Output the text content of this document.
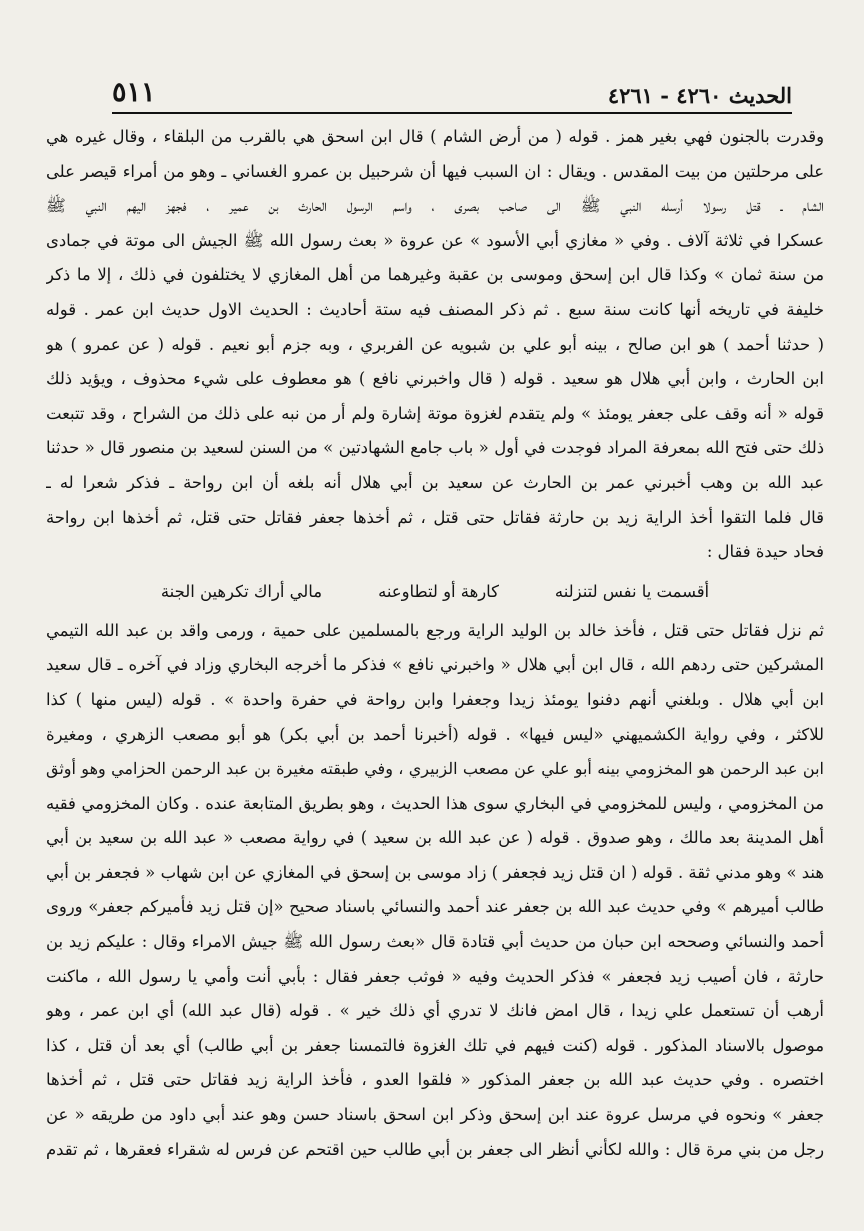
الحديث ٤٢٦٠ - ٤٢٦١
٥١١
وقدرت بالجنون فهي بغير همز . قوله ( من أرض الشام ) قال ابن اسحق هي بالقرب من البلقاء ، وقال غيره هي
على مرحلتين من بيت المقدس . ويقال : ان السبب فيها أن شرحبيل بن عمرو الغساني ـ وهو من أمراء قيصر على
الشام ـ قتل رسولا أرسله النبي ﷺ الى صاحب بصرى ، واسم الرسول الحارث بن عمير ، فجهز اليهم النبي ﷺ
عسكرا في ثلاثة آلاف . وفي « مغازي أبي الأسود » عن عروة « بعث رسول الله ﷺ الجيش الى موتة في جمادى
من سنة ثمان » وكذا قال ابن إسحق وموسى بن عقبة وغيرهما من أهل المغازي لا يختلفون في ذلك ، إلا ما ذكر
خليفة في تاريخه أنها كانت سنة سبع . ثم ذكر المصنف فيه ستة أحاديث : الحديث الاول حديث ابن عمر . قوله
( حدثنا أحمد ) هو ابن صالح ، بينه أبو علي بن شبويه عن الفربري ، وبه جزم أبو نعيم . قوله ( عن عمرو ) هو
ابن الحارث ، وابن أبي هلال هو سعيد . قوله ( قال واخبرني نافع ) هو معطوف على شيء محذوف ، ويؤيد ذلك
قوله « أنه وقف على جعفر يومئذ » ولم يتقدم لغزوة موتة إشارة ولم أر من نبه على ذلك من الشراح ، وقد تتبعت
ذلك حتى فتح الله بمعرفة المراد فوجدت في أول « باب جامع الشهادتين » من السنن لسعيد بن منصور قال « حدثنا
عبد الله بن وهب أخبرني عمر بن الحارث عن سعيد بن أبي هلال أنه بلغه أن ابن رواحة ـ فذكر شعرا له ـ
قال فلما التقوا أخذ الراية زيد بن حارثة فقاتل حتى قتل ، ثم أخذها جعفر فقاتل حتى قتل، ثم أخذها ابن رواحة
فحاد حيدة فقال :
أقسمت يا نفس لتنزلنه
كارهة أو لتطاوعنه
مالي أراك تكرهين الجنة
ثم نزل فقاتل حتى قتل ، فأخذ خالد بن الوليد الراية ورجع بالمسلمين على حمية ، ورمى واقد بن عبد الله التيمي
المشركين حتى ردهم الله ، قال ابن أبي هلال « واخبرني نافع » فذكر ما أخرجه البخاري وزاد في آخره ـ قال سعيد
ابن أبي هلال . وبلغني أنهم دفنوا يومئذ زيدا وجعفرا وابن رواحة في حفرة واحدة » . قوله (ليس منها ) كذا
للاكثر ، وفي رواية الكشميهني «ليس فيها» . قوله (أخبرنا أحمد بن أبي بكر) هو أبو مصعب الزهري ، ومغيرة
ابن عبد الرحمن هو المخزومي بينه أبو علي عن مصعب الزبيري ، وفي طبقته مغيرة بن عبد الرحمن الحزامي وهو أوثق
من المخزومي ، وليس للمخزومي في البخاري سوى هذا الحديث ، وهو بطريق المتابعة عنده . وكان المخزومي فقيه
أهل المدينة بعد مالك ، وهو صدوق . قوله ( عن عبد الله بن سعيد ) في رواية مصعب « عبد الله بن سعيد بن أبي
هند » وهو مدني ثقة . قوله ( ان قتل زيد فجعفر ) زاد موسى بن إسحق في المغازي عن ابن شهاب « فجعفر بن أبي
طالب أميرهم » وفي حديث عبد الله بن جعفر عند أحمد والنسائي باسناد صحيح «إن قتل زيد فأميركم جعفر» وروى
أحمد والنسائي وصححه ابن حبان من حديث أبي قتادة قال «بعث رسول الله ﷺ جيش الامراء وقال : عليكم زيد بن
حارثة ، فان أصيب زيد فجعفر » فذكر الحديث وفيه « فوثب جعفر فقال : بأبي أنت وأمي يا رسول الله ، ماكنت
أرهب أن تستعمل علي زيدا ، قال امض فانك لا تدري أي ذلك خير » . قوله (قال عبد الله) أي ابن عمر ، وهو
موصول بالاسناد المذكور . قوله (كنت فيهم في تلك الغزوة فالتمسنا جعفر بن أبي طالب) أي بعد أن قتل ، كذا
اختصره . وفي حديث عبد الله بن جعفر المذكور « فلقوا العدو ، فأخذ الراية زيد فقاتل حتى قتل ، ثم أخذها
جعفر » ونحوه في مرسل عروة عند ابن إسحق وذكر ابن اسحق باسناد حسن وهو عند أبي داود من طريقه « عن
رجل من بني مرة قال : والله لكأني أنظر الى جعفر بن أبي طالب حين اقتحم عن فرس له شقراء فعقرها ، ثم تقدم
